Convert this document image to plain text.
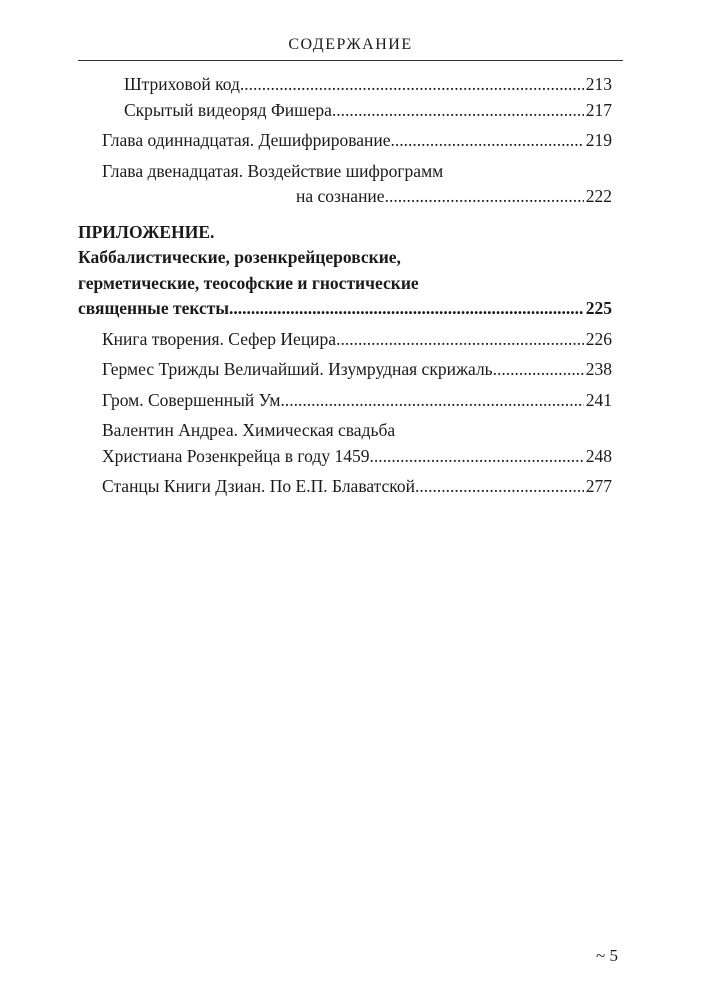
СОДЕРЖАНИЕ
Штриховой код .....	213
Скрытый видеоряд Фишера .....	217
Глава одиннадцатая. Дешифрирование .....	219
Глава двенадцатая. Воздействие шифрограмм
на сознание .....	222
ПРИЛОЖЕНИЕ.
Каббалистические, розенкрейцеровские,
герметические, теософские и гностические
священные тексты .....	225
Книга творения. Сефер Иецира .....	226
Гермес Трижды Величайший. Изумрудная скрижаль .....	238
Гром. Совершенный Ум .....	241
Валентин Андреа. Химическая свадьба
Христиана Розенкрейца в году 1459 .....	248
Станцы Книги Дзиан. По Е.П. Блаватской .....	277
~ 5
